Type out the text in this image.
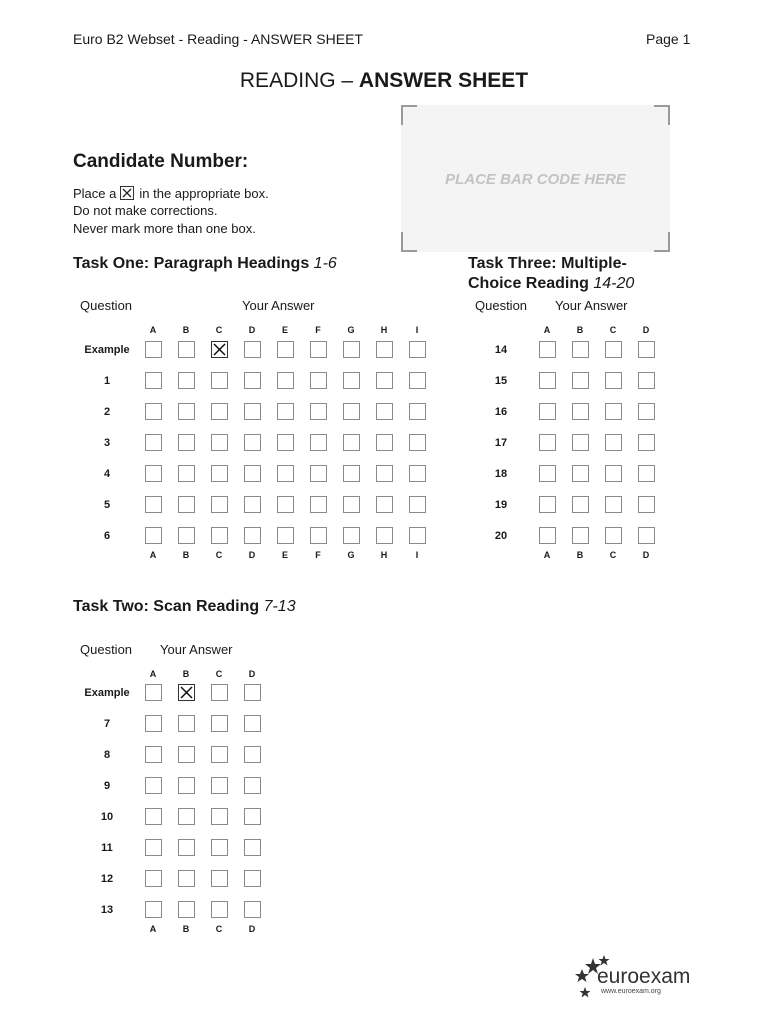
Euro B2 Webset - Reading - ANSWER SHEET	Page 1
READING – ANSWER SHEET
PLACE BAR CODE HERE
Candidate Number:
Place a ☒ in the appropriate box.
Do not make corrections.
Never mark more than one box.
Task One: Paragraph Headings 1-6
Question	Your Answer
A
A
B
B
C
C
D
D
E
E
F
F
G
G
H
H
I
I
Example
1
2
3
4
5
6
Task Three: Multiple-
Choice Reading 14-20
Question Your Answer
A
A
B
B
C
C
D
D
14
15
16
17
18
19
20
Task Two: Scan Reading 7-13
Question Your Answer
A
A
B
B
C
C
D
D
Example
7
8
9
10
11
12
13
euroexam
www.euroexam.org
